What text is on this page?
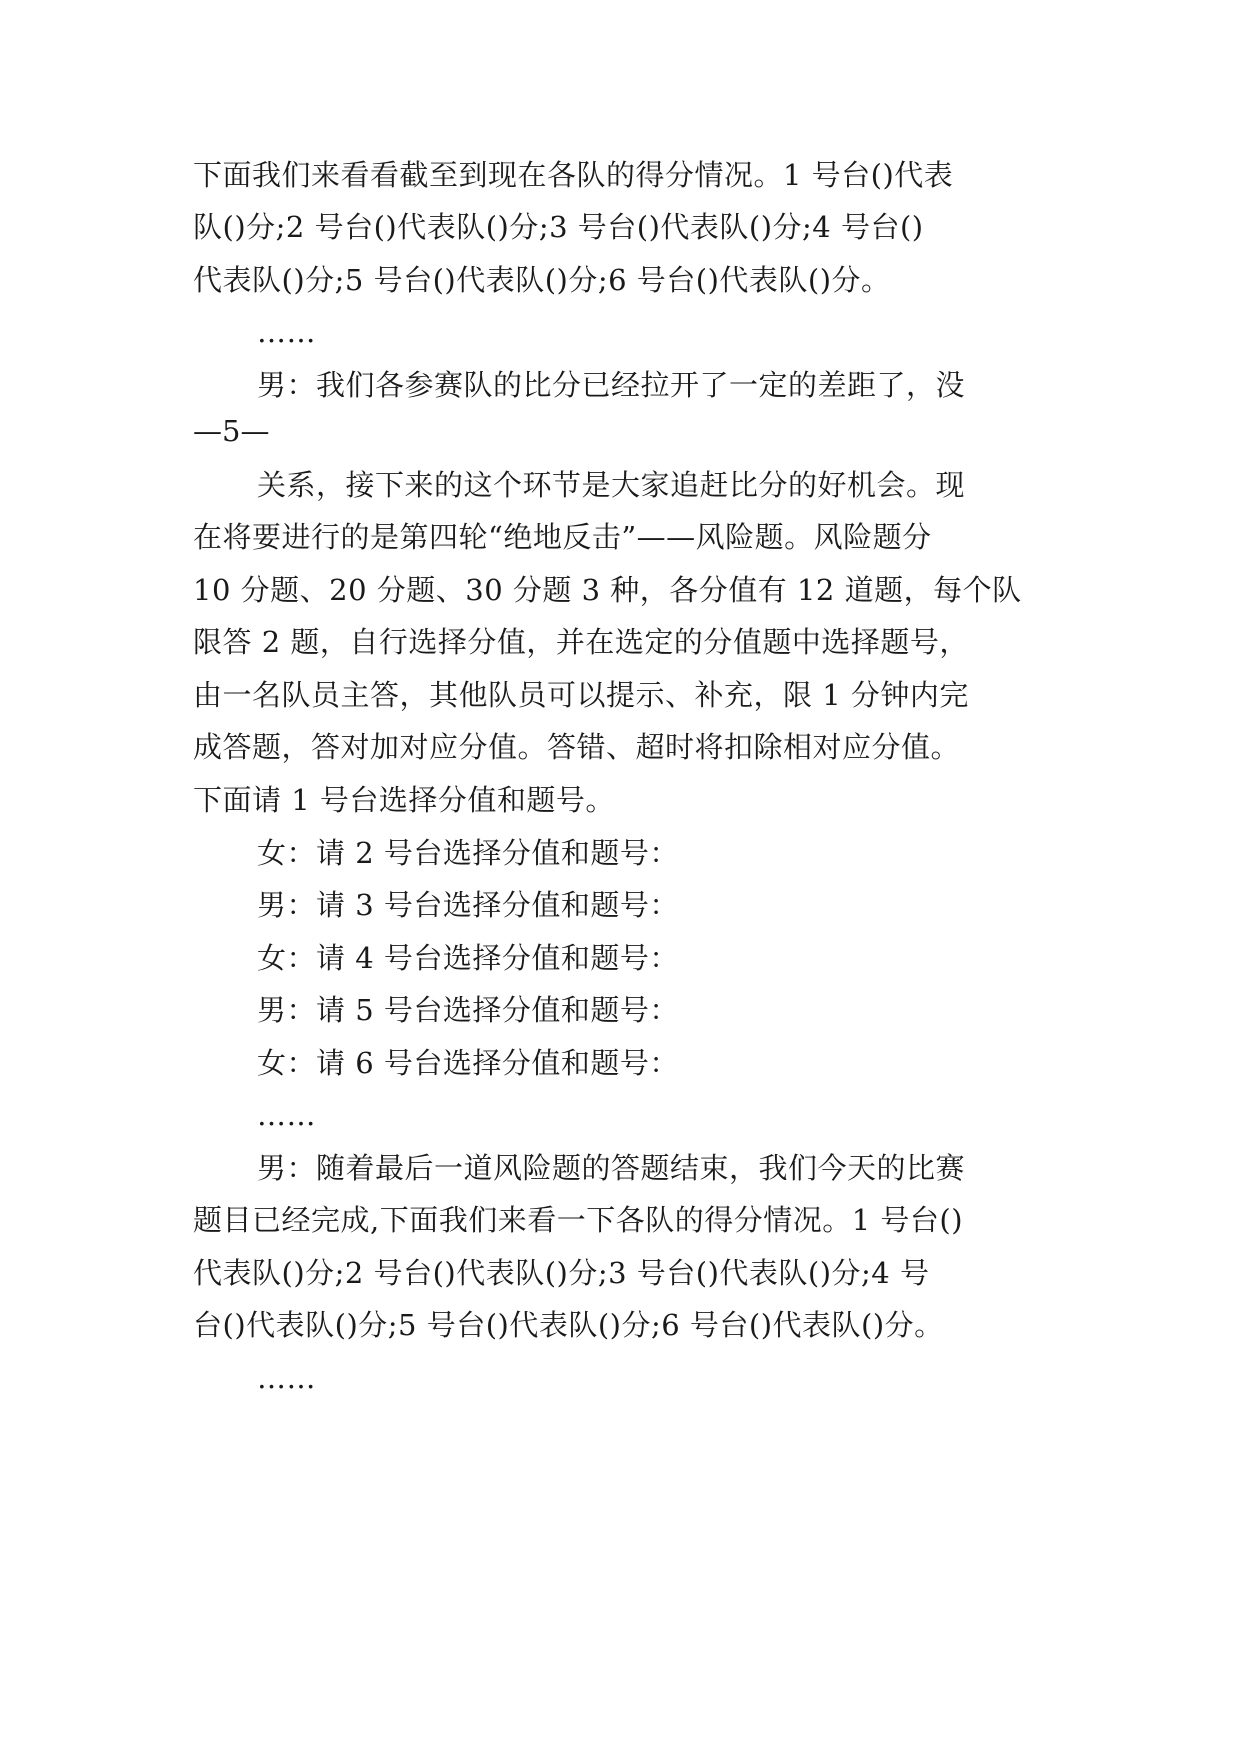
下面我们来看看截至到现在各队的得分情况。1 号台()代表
队()分;2 号台()代表队()分;3 号台()代表队()分;4 号台()
代表队()分;5 号台()代表队()分;6 号台()代表队()分。
……
男：我们各参赛队的比分已经拉开了一定的差距了，没
—5—
关系，接下来的这个环节是大家追赶比分的好机会。现
在将要进行的是第四轮“绝地反击”——风险题。风险题分
10 分题、20 分题、30 分题 3 种，各分值有 12 道题，每个队
限答 2 题，自行选择分值，并在选定的分值题中选择题号，
由一名队员主答，其他队员可以提示、补充，限 1 分钟内完
成答题，答对加对应分值。答错、超时将扣除相对应分值。
下面请 1 号台选择分值和题号。
女：请 2 号台选择分值和题号：
男：请 3 号台选择分值和题号：
女：请 4 号台选择分值和题号：
男：请 5 号台选择分值和题号：
女：请 6 号台选择分值和题号：
……
男：随着最后一道风险题的答题结束，我们今天的比赛
题目已经完成,下面我们来看一下各队的得分情况。1 号台()
代表队()分;2 号台()代表队()分;3 号台()代表队()分;4 号
台()代表队()分;5 号台()代表队()分;6 号台()代表队()分。
……
